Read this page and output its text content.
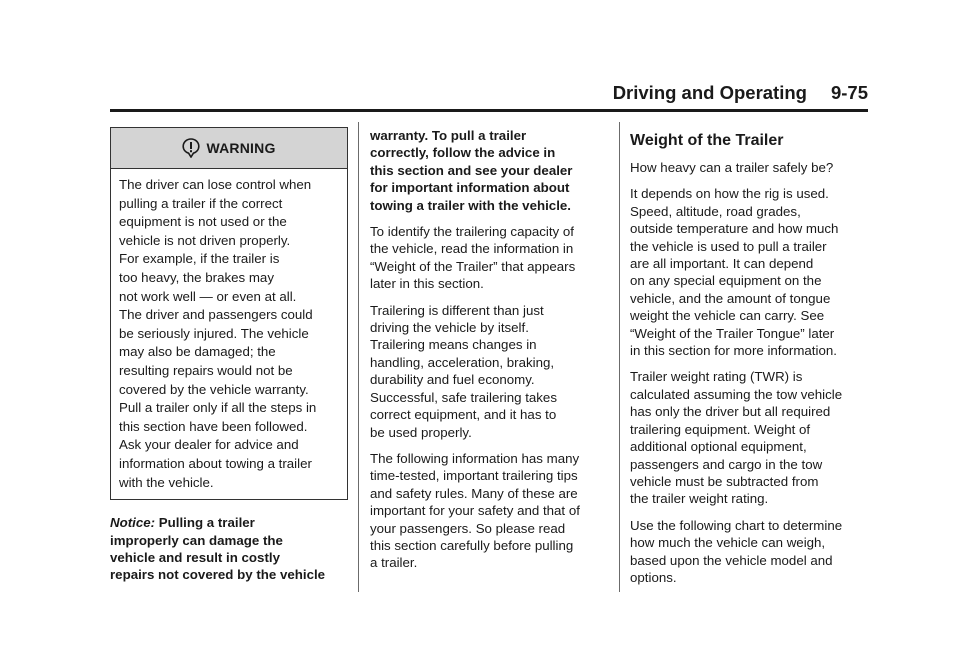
Driving and Operating 9-75
WARNING
The driver can lose control when
pulling a trailer if the correct
equipment is not used or the
vehicle is not driven properly.
For example, if the trailer is
too heavy, the brakes may
not work well — or even at all.
The driver and passengers could
be seriously injured. The vehicle
may also be damaged; the
resulting repairs would not be
covered by the vehicle warranty.
Pull a trailer only if all the steps in
this section have been followed.
Ask your dealer for advice and
information about towing a trailer
with the vehicle.

Notice: Pulling a trailer
improperly can damage the
vehicle and result in costly
repairs not covered by the vehicle

warranty. To pull a trailer
correctly, follow the advice in
this section and see your dealer
for important information about
towing a trailer with the vehicle.

To identify the trailering capacity of
the vehicle, read the information in
“Weight of the Trailer” that appears
later in this section.

Trailering is different than just
driving the vehicle by itself.
Trailering means changes in
handling, acceleration, braking,
durability and fuel economy.
Successful, safe trailering takes
correct equipment, and it has to
be used properly.

The following information has many
time-tested, important trailering tips
and safety rules. Many of these are
important for your safety and that of
your passengers. So please read
this section carefully before pulling
a trailer.

Weight of the Trailer

How heavy can a trailer safely be?

It depends on how the rig is used.
Speed, altitude, road grades,
outside temperature and how much
the vehicle is used to pull a trailer
are all important. It can depend
on any special equipment on the
vehicle, and the amount of tongue
weight the vehicle can carry. See
“Weight of the Trailer Tongue” later
in this section for more information.

Trailer weight rating (TWR) is
calculated assuming the tow vehicle
has only the driver but all required
trailering equipment. Weight of
additional optional equipment,
passengers and cargo in the tow
vehicle must be subtracted from
the trailer weight rating.

Use the following chart to determine
how much the vehicle can weigh,
based upon the vehicle model and
options.
